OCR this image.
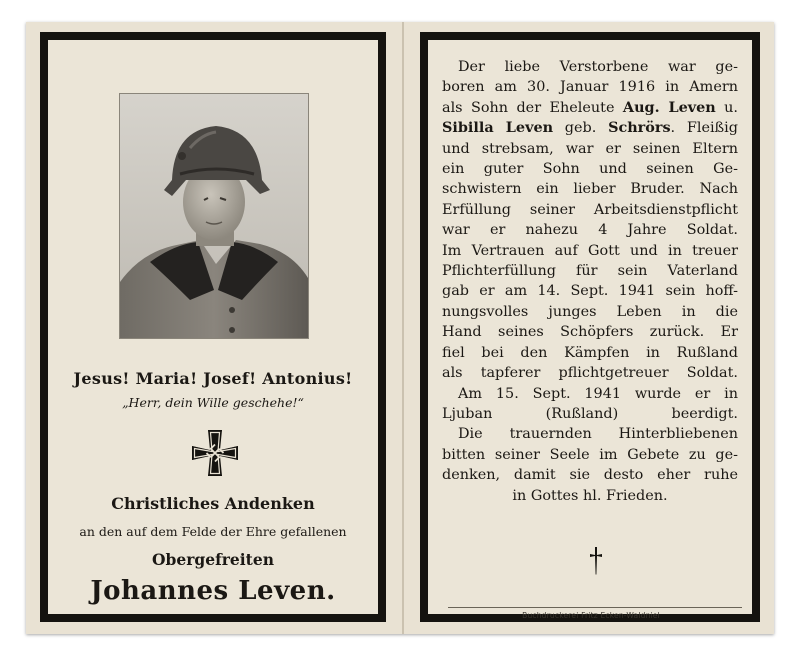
Jesus! Maria! Josef! Antonius!
„Herr, dein Wille geschehe!“
Christliches Andenken
an den auf dem Felde der Ehre gefallenen
Obergefreiten
Johannes Leven.
Der liebe Verstorbene war ge-
boren am 30. Januar 1916 in Amern
als Sohn der Eheleute Aug. Leven u.
Sibilla Leven geb. Schrörs. Fleißig
und strebsam, war er seinen Eltern
ein guter Sohn und seinen Ge-
schwistern ein lieber Bruder. Nach
Erfüllung seiner Arbeitsdienstpflicht
war er nahezu 4 Jahre Soldat.
Im Vertrauen auf Gott und in treuer
Pflichterfüllung für sein Vaterland
gab er am 14. Sept. 1941 sein hoff-
nungsvolles junges Leben in die
Hand seines Schöpfers zurück. Er
fiel bei den Kämpfen in Rußland
als tapferer pflichtgetreuer Soldat.
Am 15. Sept. 1941 wurde er in
Ljuban (Rußland) beerdigt.
Die trauernden Hinterbliebenen
bitten seiner Seele im Gebete zu ge-
denken, damit sie desto eher ruhe
in Gottes hl. Frieden.
Buchdruckerei Fritz Ecken-Waldniel
